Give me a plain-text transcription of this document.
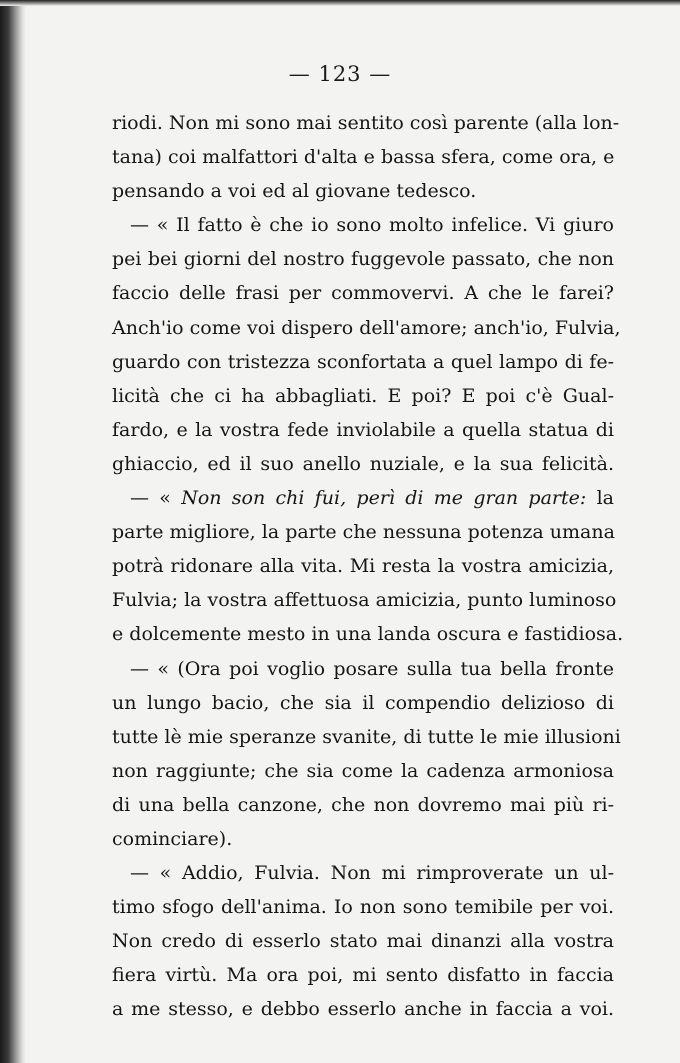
— 123 —
riodi. Non mi sono mai sentito così parente (alla lon-
tana) coi malfattori d'alta e bassa sfera, come ora, e
pensando a voi ed al giovane tedesco.
— « Il fatto è che io sono molto infelice. Vi giuro
pei bei giorni del nostro fuggevole passato, che non
faccio delle frasi per commovervi. A che le farei?
Anch'io come voi dispero dell'amore; anch'io, Fulvia,
guardo con tristezza sconfortata a quel lampo di fe-
licità che ci ha abbagliati. E poi? E poi c'è Gual-
fardo, e la vostra fede inviolabile a quella statua di
ghiaccio, ed il suo anello nuziale, e la sua felicità.
— « Non son chi fui, perì di me gran parte: la
parte migliore, la parte che nessuna potenza umana
potrà ridonare alla vita. Mi resta la vostra amicizia,
Fulvia; la vostra affettuosa amicizia, punto luminoso
e dolcemente mesto in una landa oscura e fastidiosa.
— « (Ora poi voglio posare sulla tua bella fronte
un lungo bacio, che sia il compendio delizioso di
tutte lè mie speranze svanite, di tutte le mie illusioni
non raggiunte; che sia come la cadenza armoniosa
di una bella canzone, che non dovremo mai più ri-
cominciare).
— « Addio, Fulvia. Non mi rimproverate un ul-
timo sfogo dell'anima. Io non sono temibile per voi.
Non credo di esserlo stato mai dinanzi alla vostra
fiera virtù. Ma ora poi, mi sento disfatto in faccia
a me stesso, e debbo esserlo anche in faccia a voi.
